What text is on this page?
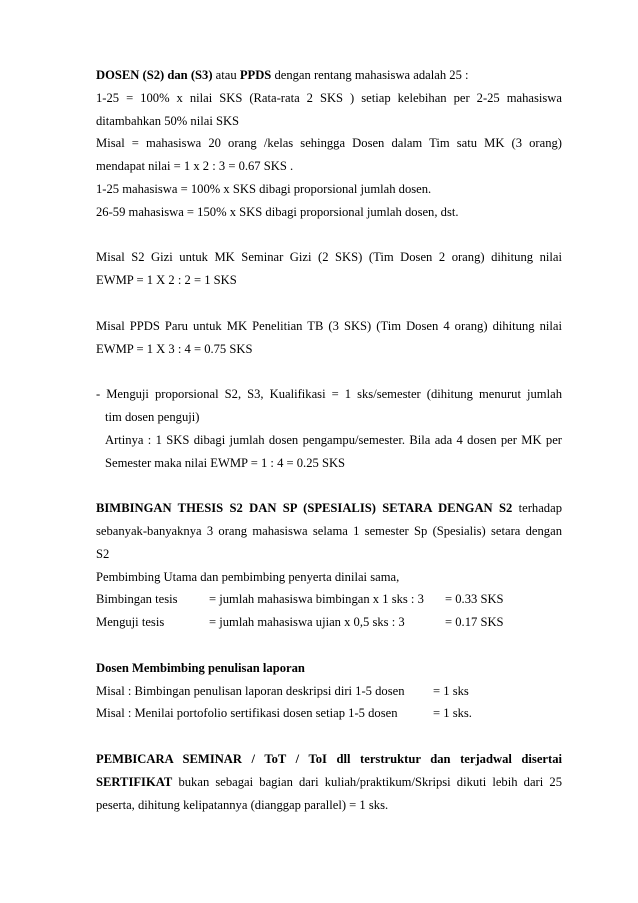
DOSEN (S2) dan (S3) atau PPDS dengan rentang mahasiswa adalah 25 :
1-25 = 100% x nilai SKS (Rata-rata 2 SKS ) setiap kelebihan per 2-25 mahasiswa
ditambahkan 50% nilai SKS
Misal = mahasiswa 20 orang /kelas sehingga Dosen dalam Tim satu MK (3 orang)
mendapat nilai = 1 x 2 : 3 = 0.67 SKS .
1-25 mahasiswa = 100% x SKS dibagi proporsional jumlah dosen.
26-59 mahasiswa = 150% x SKS dibagi proporsional jumlah dosen, dst.
Misal S2 Gizi untuk MK Seminar Gizi (2 SKS) (Tim Dosen 2 orang) dihitung nilai
EWMP = 1 X 2 : 2 = 1 SKS
Misal PPDS Paru untuk MK Penelitian TB (3 SKS) (Tim Dosen 4 orang) dihitung nilai
EWMP = 1 X 3 : 4 = 0.75 SKS
- Menguji proporsional S2, S3, Kualifikasi = 1 sks/semester (dihitung menurut jumlah
tim dosen penguji)
Artinya : 1 SKS dibagi jumlah dosen pengampu/semester. Bila ada 4 dosen per MK per
Semester maka nilai EWMP = 1 : 4 = 0.25 SKS
BIMBINGAN THESIS S2 DAN SP (SPESIALIS) SETARA DENGAN S2 terhadap
sebanyak-banyaknya 3 orang mahasiswa selama 1 semester Sp (Spesialis) setara dengan
S2
Pembimbing Utama dan pembimbing penyerta dinilai sama,
Bimbingan tesis	= jumlah mahasiswa bimbingan x 1 sks : 3	= 0.33 SKS
Menguji tesis	= jumlah mahasiswa ujian x 0,5 sks : 3	= 0.17 SKS
Dosen Membimbing penulisan laporan
Misal : Bimbingan penulisan laporan deskripsi diri 1-5 dosen	= 1 sks
Misal : Menilai portofolio sertifikasi dosen setiap 1-5 dosen	= 1 sks.
PEMBICARA SEMINAR / ToT / ToI dll terstruktur dan terjadwal disertai
SERTIFIKAT bukan sebagai bagian dari kuliah/praktikum/Skripsi dikuti lebih dari 25
peserta, dihitung kelipatannya (dianggap parallel) = 1 sks.
